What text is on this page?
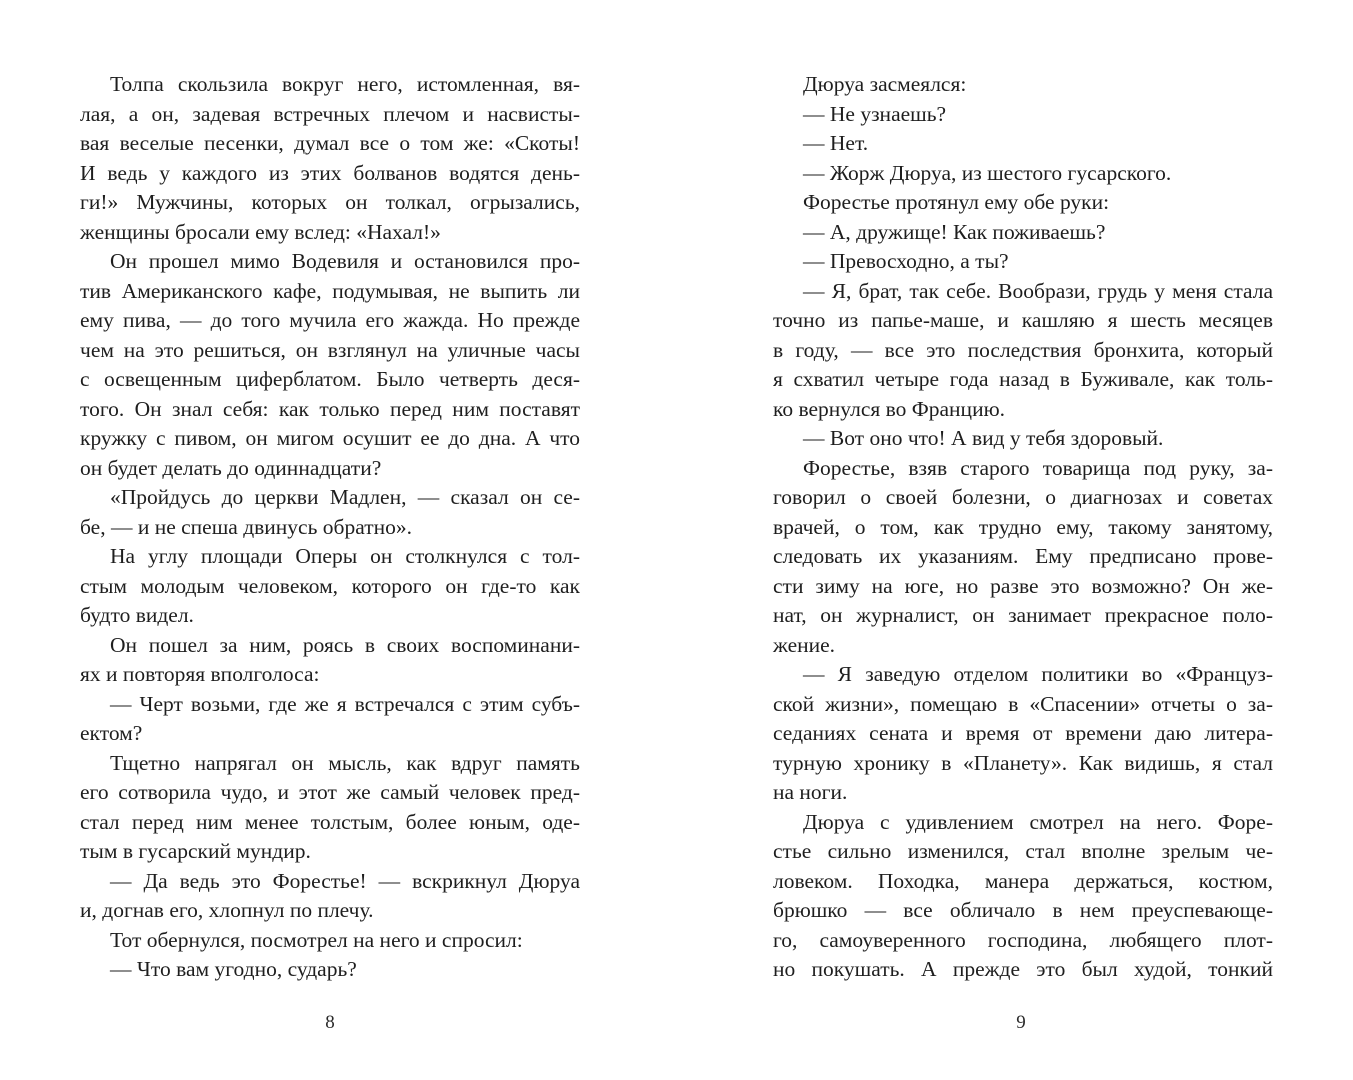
Толпа скользила вокруг него, истомленная, вя-
лая, а он, задевая встречных плечом и насвисты-
вая веселые песенки, думал все о том же: «Скоты!
И ведь у каждого из этих болванов водятся день-
ги!» Мужчины, которых он толкал, огрызались,
женщины бросали ему вслед: «Нахал!»
Он прошел мимо Водевиля и остановился про-
тив Американского кафе, подумывая, не выпить ли
ему пива, — до того мучила его жажда. Но прежде
чем на это решиться, он взглянул на уличные часы
с освещенным циферблатом. Было четверть деся-
того. Он знал себя: как только перед ним поставят
кружку с пивом, он мигом осушит ее до дна. А что
он будет делать до одиннадцати?
«Пройдусь до церкви Мадлен, — сказал он се-
бе, — и не спеша двинусь обратно».
На углу площади Оперы он столкнулся с тол-
стым молодым человеком, которого он где-то как
будто видел.
Он пошел за ним, роясь в своих воспоминани-
ях и повторяя вполголоса:
— Черт возьми, где же я встречался с этим субъ-
ектом?
Тщетно напрягал он мысль, как вдруг память
его сотворила чудо, и этот же самый человек пред-
стал перед ним менее толстым, более юным, оде-
тым в гусарский мундир.
— Да ведь это Форестье! — вскрикнул Дюруа
и, догнав его, хлопнул по плечу.
Тот обернулся, посмотрел на него и спросил:
— Что вам угодно, сударь?
8
Дюруа засмеялся:
— Не узнаешь?
— Нет.
— Жорж Дюруа, из шестого гусарского.
Форестье протянул ему обе руки:
— А, дружище! Как поживаешь?
— Превосходно, а ты?
— Я, брат, так себе. Вообрази, грудь у меня стала
точно из папье-маше, и кашляю я шесть месяцев
в году, — все это последствия бронхита, который
я схватил четыре года назад в Буживале, как толь-
ко вернулся во Францию.
— Вот оно что! А вид у тебя здоровый.
Форестье, взяв старого товарища под руку, за-
говорил о своей болезни, о диагнозах и советах
врачей, о том, как трудно ему, такому занятому,
следовать их указаниям. Ему предписано прове-
сти зиму на юге, но разве это возможно? Он же-
нат, он журналист, он занимает прекрасное поло-
жение.
— Я заведую отделом политики во «Француз-
ской жизни», помещаю в «Спасении» отчеты о за-
седаниях сената и время от времени даю литера-
турную хронику в «Планету». Как видишь, я стал
на ноги.
Дюруа с удивлением смотрел на него. Форе-
стье сильно изменился, стал вполне зрелым че-
ловеком. Походка, манера держаться, костюм,
брюшко — все обличало в нем преуспевающе-
го, самоуверенного господина, любящего плот-
но покушать. А прежде это был худой, тонкий
9
